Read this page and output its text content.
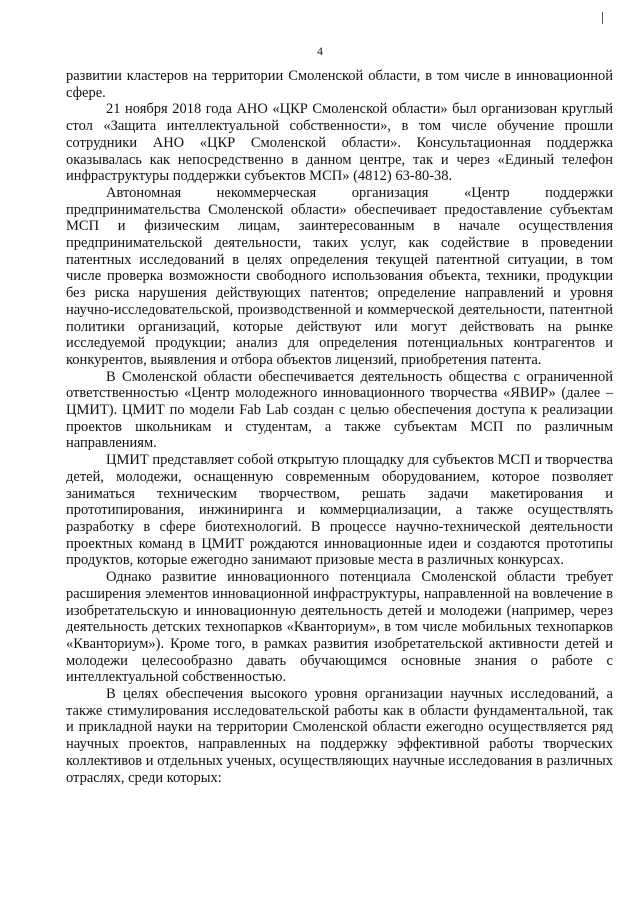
4

развитии кластеров на территории Смоленской области, в том числе в инновационной сфере.

21 ноября 2018 года АНО «ЦКР Смоленской области» был организован круглый стол «Защита интеллектуальной собственности», в том числе обучение прошли сотрудники АНО «ЦКР Смоленской области». Консультационная поддержка оказывалась как непосредственно в данном центре, так и через «Единый телефон инфраструктуры поддержки субъектов МСП» (4812) 63-80-38.

Автономная некоммерческая организация «Центр поддержки предпринимательства Смоленской области» обеспечивает предоставление субъектам МСП и физическим лицам, заинтересованным в начале осуществления предпринимательской деятельности, таких услуг, как содействие в проведении патентных исследований в целях определения текущей патентной ситуации, в том числе проверка возможности свободного использования объекта, техники, продукции без риска нарушения действующих патентов; определение направлений и уровня научно-исследовательской, производственной и коммерческой деятельности, патентной политики организаций, которые действуют или могут действовать на рынке исследуемой продукции; анализ для определения потенциальных контрагентов и конкурентов, выявления и отбора объектов лицензий, приобретения патента.

В Смоленской области обеспечивается деятельность общества с ограниченной ответственностью «Центр молодежного инновационного творчества «ЯВИР» (далее – ЦМИТ). ЦМИТ по модели Fab Lab создан с целью обеспечения доступа к реализации проектов школьникам и студентам, а также субъектам МСП по различным направлениям.

ЦМИТ представляет собой открытую площадку для субъектов МСП и творчества детей, молодежи, оснащенную современным оборудованием, которое позволяет заниматься техническим творчеством, решать задачи макетирования и прототипирования, инжиниринга и коммерциализации, а также осуществлять разработку в сфере биотехнологий. В процессе научно-технической деятельности проектных команд в ЦМИТ рождаются инновационные идеи и создаются прототипы продуктов, которые ежегодно занимают призовые места в различных конкурсах.

Однако развитие инновационного потенциала Смоленской области требует расширения элементов инновационной инфраструктуры, направленной на вовлечение в изобретательскую и инновационную деятельность детей и молодежи (например, через деятельность детских технопарков «Кванториум», в том числе мобильных технопарков «Кванториум»). Кроме того, в рамках развития изобретательской активности детей и молодежи целесообразно давать обучающимся основные знания о работе с интеллектуальной собственностью.

В целях обеспечения высокого уровня организации научных исследований, а также стимулирования исследовательской работы как в области фундаментальной, так и прикладной науки на территории Смоленской области ежегодно осуществляется ряд научных проектов, направленных на поддержку эффективной работы творческих коллективов и отдельных ученых, осуществляющих научные исследования в различных отраслях, среди которых:
